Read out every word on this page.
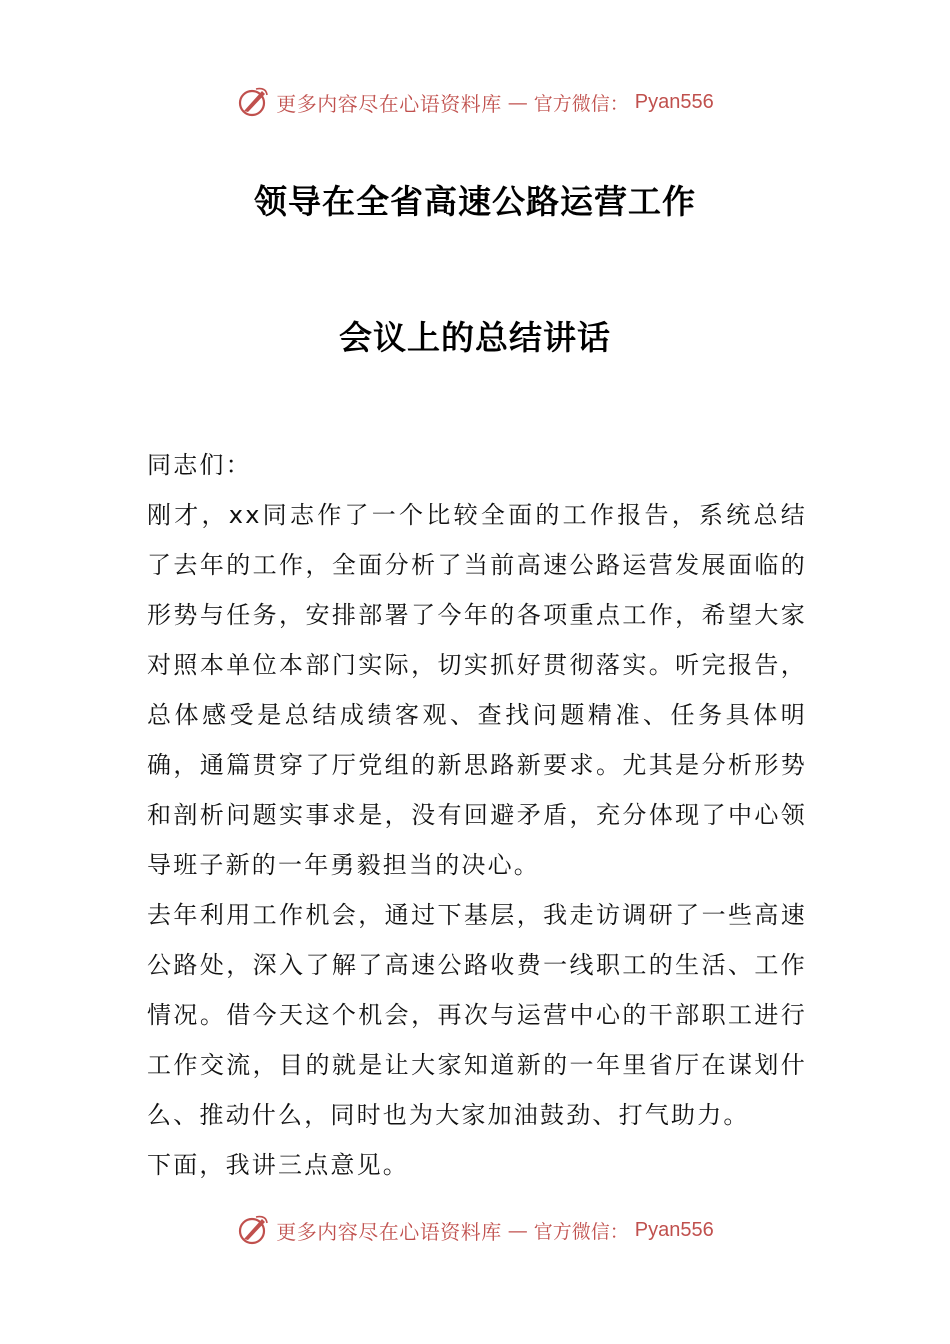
更多内容尽在心语资料库 — 官方微信： Pyan556
领导在全省高速公路运营工作
会议上的总结讲话

同志们：

刚才，xx同志作了一个比较全面的工作报告，系统总结了去年的工作，全面分析了当前高速公路运营发展面临的形势与任务，安排部署了今年的各项重点工作，希望大家对照本单位本部门实际，切实抓好贯彻落实。听完报告，总体感受是总结成绩客观、查找问题精准、任务具体明确，通篇贯穿了厅党组的新思路新要求。尤其是分析形势和剖析问题实事求是，没有回避矛盾，充分体现了中心领导班子新的一年勇毅担当的决心。

去年利用工作机会，通过下基层，我走访调研了一些高速公路处，深入了解了高速公路收费一线职工的生活、工作情况。借今天这个机会，再次与运营中心的干部职工进行工作交流，目的就是让大家知道新的一年里省厅在谋划什么、推动什么，同时也为大家加油鼓劲、打气助力。

下面，我讲三点意见。

更多内容尽在心语资料库 — 官方微信： Pyan556
